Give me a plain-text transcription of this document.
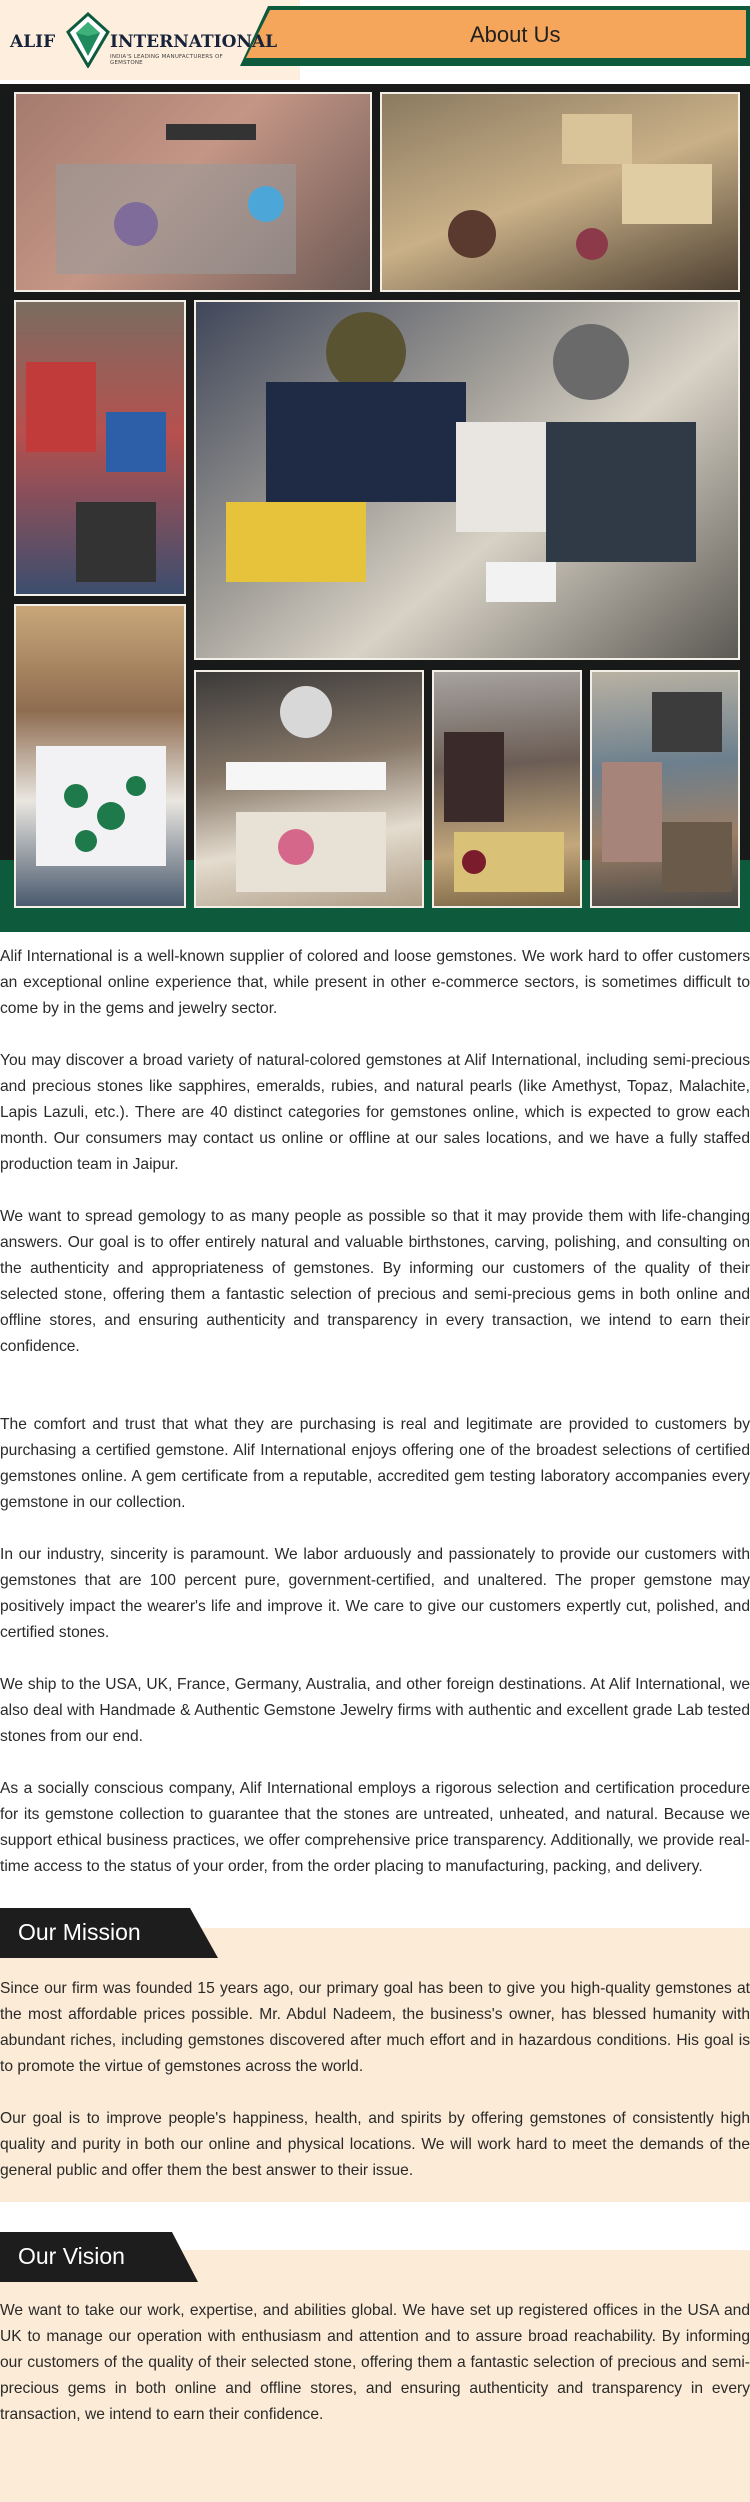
ALIF	INTERNATIONAL
INDIA'S LEADING MANUFACTURERS OF GEMSTONE
About Us

Alif International is a well-known supplier of colored and loose gemstones. We work hard to offer customers an exceptional online experience that, while present in other e-commerce sectors, is sometimes difficult to come by in the gems and jewelry sector.

You may discover a broad variety of natural-colored gemstones at Alif International, including semi-precious and precious stones like sapphires, emeralds, rubies, and natural pearls (like Amethyst, Topaz, Malachite, Lapis Lazuli, etc.). There are 40 distinct categories for gemstones online, which is expected to grow each month. Our consumers may contact us online or offline at our sales locations, and we have a fully staffed production team in Jaipur.

We want to spread gemology to as many people as possible so that it may provide them with life-changing answers. Our goal is to offer entirely natural and valuable birthstones, carving, polishing, and consulting on the authenticity and appropriateness of gemstones. By informing our customers of the quality of their selected stone, offering them a fantastic selection of precious and semi-precious gems in both online and offline stores, and ensuring authenticity and transparency in every transaction, we intend to earn their confidence.

The comfort and trust that what they are purchasing is real and legitimate are provided to customers by purchasing a certified gemstone. Alif International enjoys offering one of the broadest selections of certified gemstones online. A gem certificate from a reputable, accredited gem testing laboratory accompanies every gemstone in our collection.

In our industry, sincerity is paramount. We labor arduously and passionately to provide our customers with gemstones that are 100 percent pure, government-certified, and unaltered. The proper gemstone may positively impact the wearer's life and improve it. We care to give our customers expertly cut, polished, and certified stones.

We ship to the USA, UK, France, Germany, Australia, and other foreign destinations. At Alif International, we also deal with Handmade & Authentic Gemstone Jewelry firms with authentic and excellent grade Lab tested stones from our end.

As a socially conscious company, Alif International employs a rigorous selection and certification procedure for its gemstone collection to guarantee that the stones are untreated, unheated, and natural. Because we support ethical business practices, we offer comprehensive price transparency. Additionally, we provide real-time access to the status of your order, from the order placing to manufacturing, packing, and delivery.

Our Mission

Since our firm was founded 15 years ago, our primary goal has been to give you high-quality gemstones at the most affordable prices possible. Mr. Abdul Nadeem, the business's owner, has blessed humanity with abundant riches, including gemstones discovered after much effort and in hazardous conditions. His goal is to promote the virtue of gemstones across the world.

Our goal is to improve people's happiness, health, and spirits by offering gemstones of consistently high quality and purity in both our online and physical locations. We will work hard to meet the demands of the general public and offer them the best answer to their issue.

Our Vision

We want to take our work, expertise, and abilities global. We have set up registered offices in the USA and UK to manage our operation with enthusiasm and attention and to assure broad reachability. By informing our customers of the quality of their selected stone, offering them a fantastic selection of precious and semi-precious gems in both online and offline stores, and ensuring authenticity and transparency in every transaction, we intend to earn their confidence.
